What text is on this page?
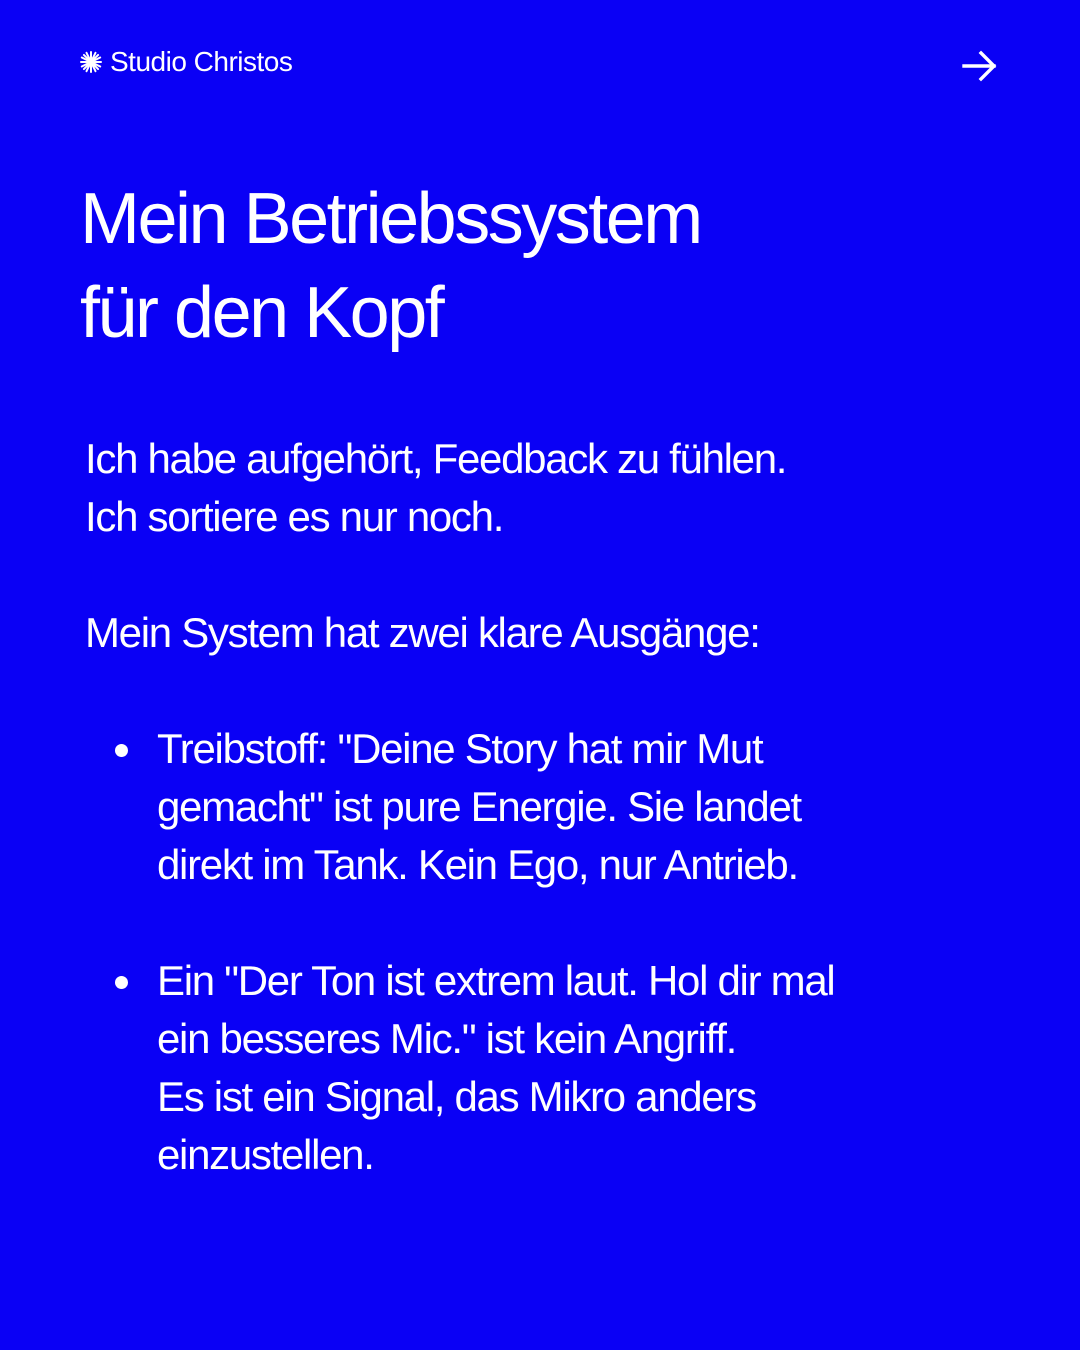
Studio Christos
Mein Betriebssystem
für den Kopf

Ich habe aufgehört, Feedback zu fühlen.
Ich sortiere es nur noch.

Mein System hat zwei klare Ausgänge:

Treibstoff: "Deine Story hat mir Mut
gemacht" ist pure Energie. Sie landet
direkt im Tank. Kein Ego, nur Antrieb.
Ein "Der Ton ist extrem laut. Hol dir mal
ein besseres Mic." ist kein Angriff.
Es ist ein Signal, das Mikro anders
einzustellen.
